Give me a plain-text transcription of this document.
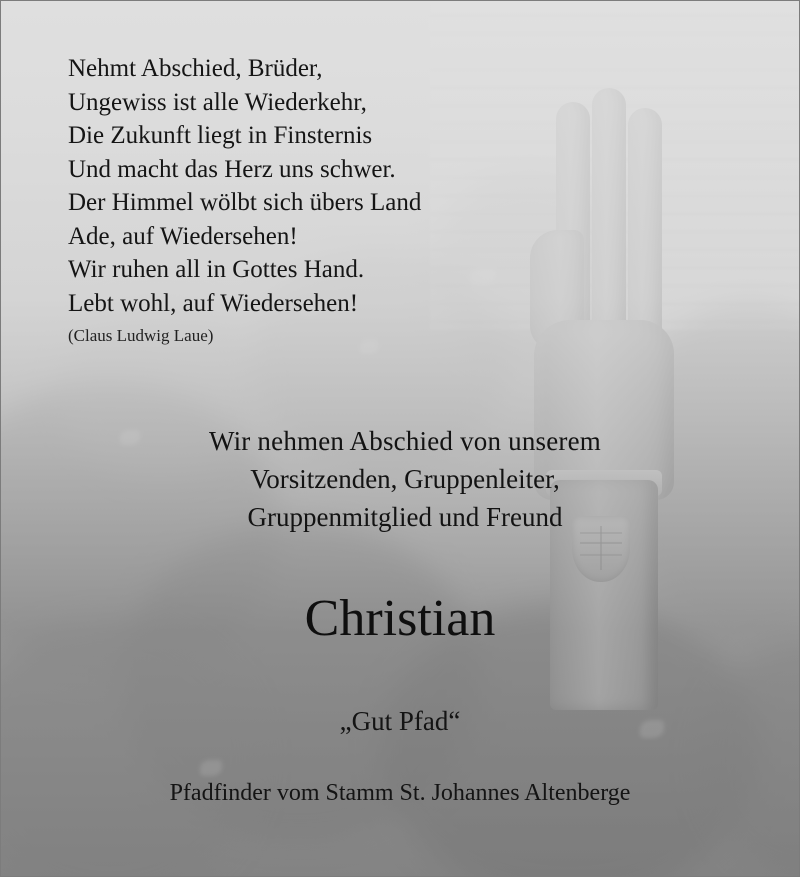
Nehmt Abschied, Brüder,
Ungewiss ist alle Wiederkehr,
Die Zukunft liegt in Finsternis
Und macht das Herz uns schwer.
Der Himmel wölbt sich übers Land
Ade, auf Wiedersehen!
Wir ruhen all in Gottes Hand.
Lebt wohl, auf Wiedersehen!
(Claus Ludwig Laue)
Wir nehmen Abschied von unserem
Vorsitzenden, Gruppenleiter,
Gruppenmitglied und Freund
Christian
„Gut Pfad“
Pfadfinder vom Stamm St. Johannes Altenberge
